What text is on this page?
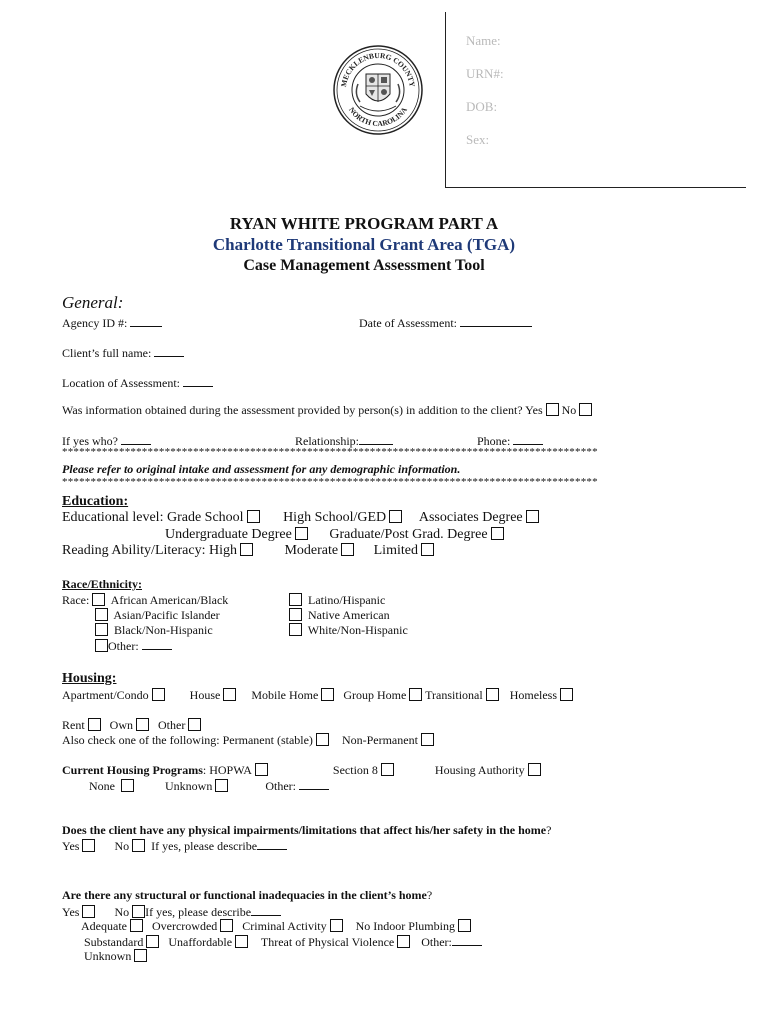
MECKLENBURG COUNTY
NORTH CAROLINA
Name:
URN#:
DOB:
Sex:
RYAN WHITE PROGRAM PART A
Charlotte Transitional Grant Area (TGA)
Case Management Assessment Tool
General:
Agency ID #:	Date of Assessment:
Client’s full name:
Location of Assessment:
Was information obtained during the assessment provided by person(s) in addition to the client? Yes No
If yes who?	Relationship:	Phone:
**********************************************************************************************
Please refer to original intake and assessment for any demographic information.
**********************************************************************************************
Education:
Educational level: Grade School	High School/GED Associates Degree
Undergraduate Degree	Graduate/Post Grad. Degree
Reading Ability/Literacy: High	Moderate	Limited
Race/Ethnicity:
Race: African American/Black
Asian/Pacific Islander
Black/Non-Hispanic
Other:
Latino/Hispanic
Native American
White/Non-Hispanic
Housing:
Apartment/Condo	House	Mobile Home Group Home Transitional Homeless
Rent Own Other
Also check one of the following: Permanent (stable) Non-Permanent
Current Housing Programs: HOPWA	Section 8	Housing Authority
None	Unknown	Other:
Does the client have any physical impairments/limitations that affect his/her safety in the home?
Yes	No If yes, please describe
Are there any structural or functional inadequacies in the client’s home?
Yes	No If yes, please describe
Adequate Overcrowded Criminal Activity No Indoor Plumbing
Substandard Unaffordable Threat of Physical Violence Other:
Unknown
